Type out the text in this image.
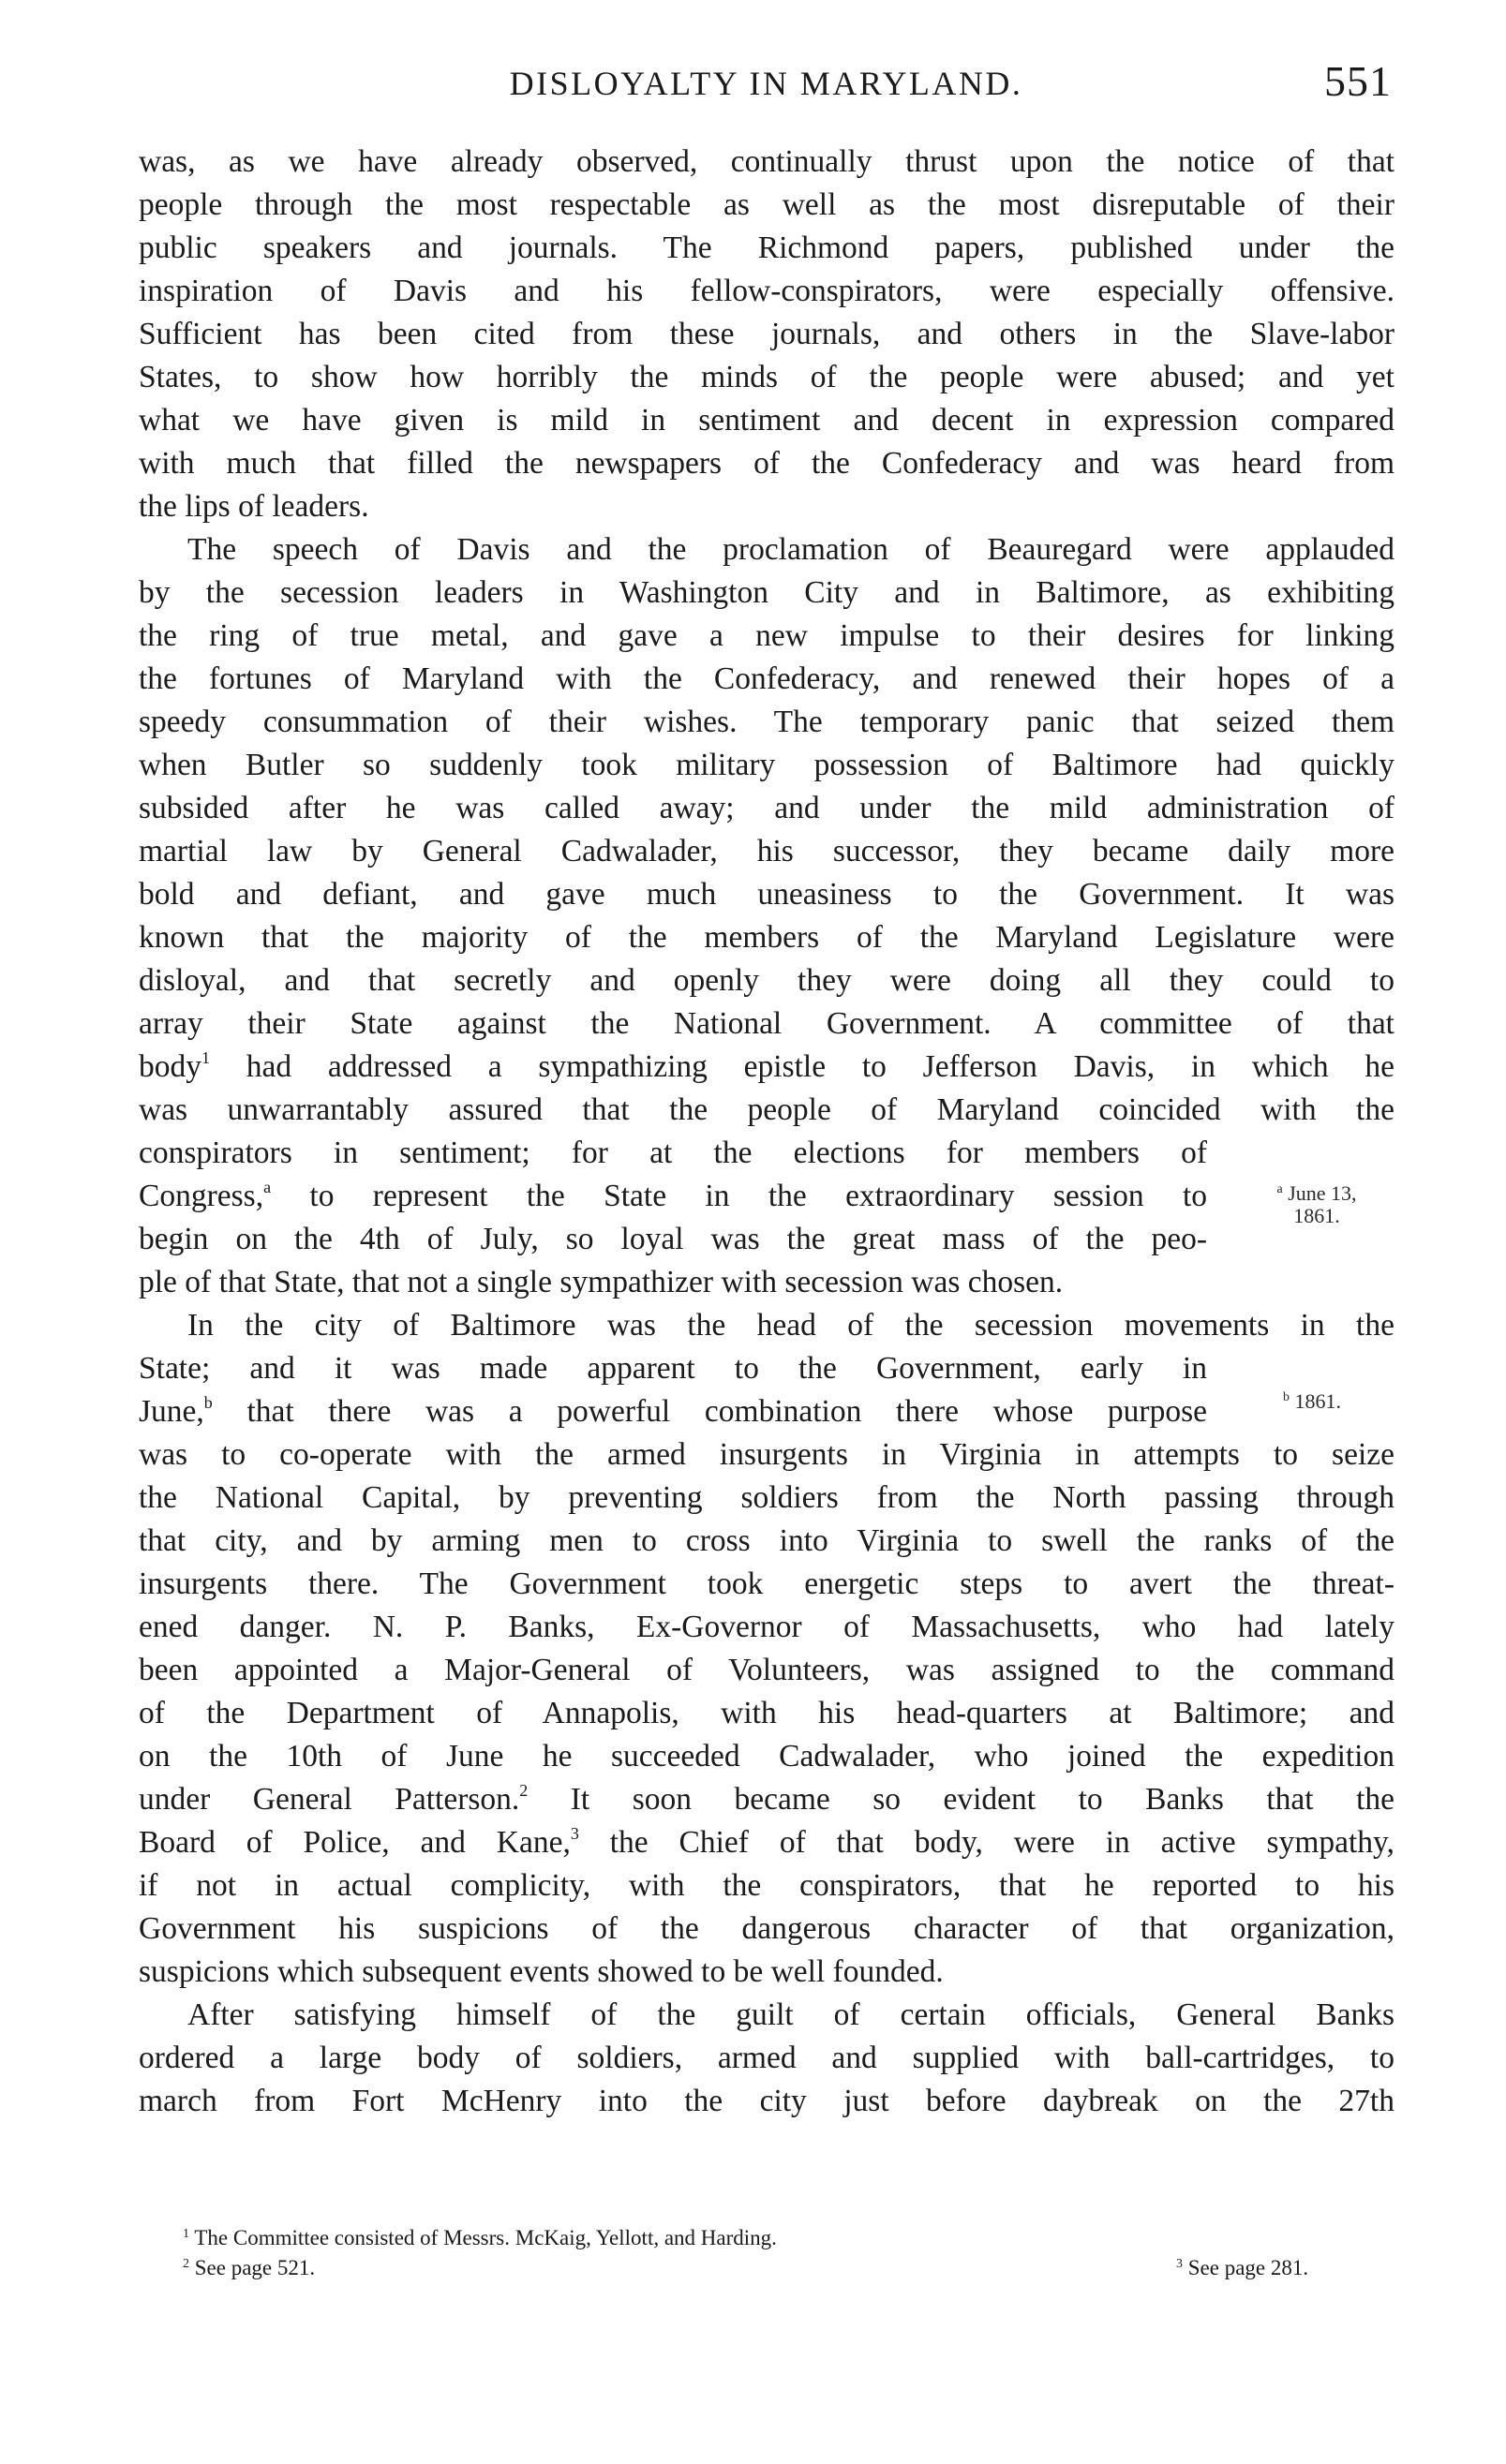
DISLOYALTY IN MARYLAND.	551
was, as we have already observed, continually thrust upon the notice of that
people through the most respectable as well as the most disreputable of their
public speakers and journals. The Richmond papers, published under the
inspiration of Davis and his fellow-conspirators, were especially offensive.
Sufficient has been cited from these journals, and others in the Slave-labor
States, to show how horribly the minds of the people were abused; and yet
what we have given is mild in sentiment and decent in expression compared
with much that filled the newspapers of the Confederacy and was heard from
the lips of leaders.
The speech of Davis and the proclamation of Beauregard were applauded
by the secession leaders in Washington City and in Baltimore, as exhibiting
the ring of true metal, and gave a new impulse to their desires for linking
the fortunes of Maryland with the Confederacy, and renewed their hopes of a
speedy consummation of their wishes. The temporary panic that seized them
when Butler so suddenly took military possession of Baltimore had quickly
subsided after he was called away; and under the mild administration of
martial law by General Cadwalader, his successor, they became daily more
bold and defiant, and gave much uneasiness to the Government. It was
known that the majority of the members of the Maryland Legislature were
disloyal, and that secretly and openly they were doing all they could to
array their State against the National Government. A committee of that
body$^1$ had addressed a sympathizing epistle to Jefferson Davis, in which he
was unwarrantably assured that the people of Maryland coincided with the
conspirators in sentiment; for at the elections for members of
Congress,$^a$ to represent the State in the extraordinary session to
begin on the 4th of July, so loyal was the great mass of the peo-
ple of that State, that not a single sympathizer with secession was chosen.
In the city of Baltimore was the head of the secession movements in the
State; and it was made apparent to the Government, early in
June,$^b$ that there was a powerful combination there whose purpose
was to co-operate with the armed insurgents in Virginia in attempts to seize
the National Capital, by preventing soldiers from the North passing through
that city, and by arming men to cross into Virginia to swell the ranks of the
insurgents there. The Government took energetic steps to avert the threat-
ened danger. N. P. Banks, Ex-Governor of Massachusetts, who had lately
been appointed a Major-General of Volunteers, was assigned to the command
of the Department of Annapolis, with his head-quarters at Baltimore; and
on the 10th of June he succeeded Cadwalader, who joined the expedition
under General Patterson.$^2$ It soon became so evident to Banks that the
Board of Police, and Kane,$^3$ the Chief of that body, were in active sympathy,
if not in actual complicity, with the conspirators, that he reported to his
Government his suspicions of the dangerous character of that organization,
suspicions which subsequent events showed to be well founded.
After satisfying himself of the guilt of certain officials, General Banks
ordered a large body of soldiers, armed and supplied with ball-cartridges, to
march from Fort McHenry into the city just before daybreak on the 27th
$^a$ June 13,
1861.
$^b$ 1861.
$^1$ The Committee consisted of Messrs. McKaig, Yellott, and Harding.
$^2$ See page 521.	$^3$ See page 281.
